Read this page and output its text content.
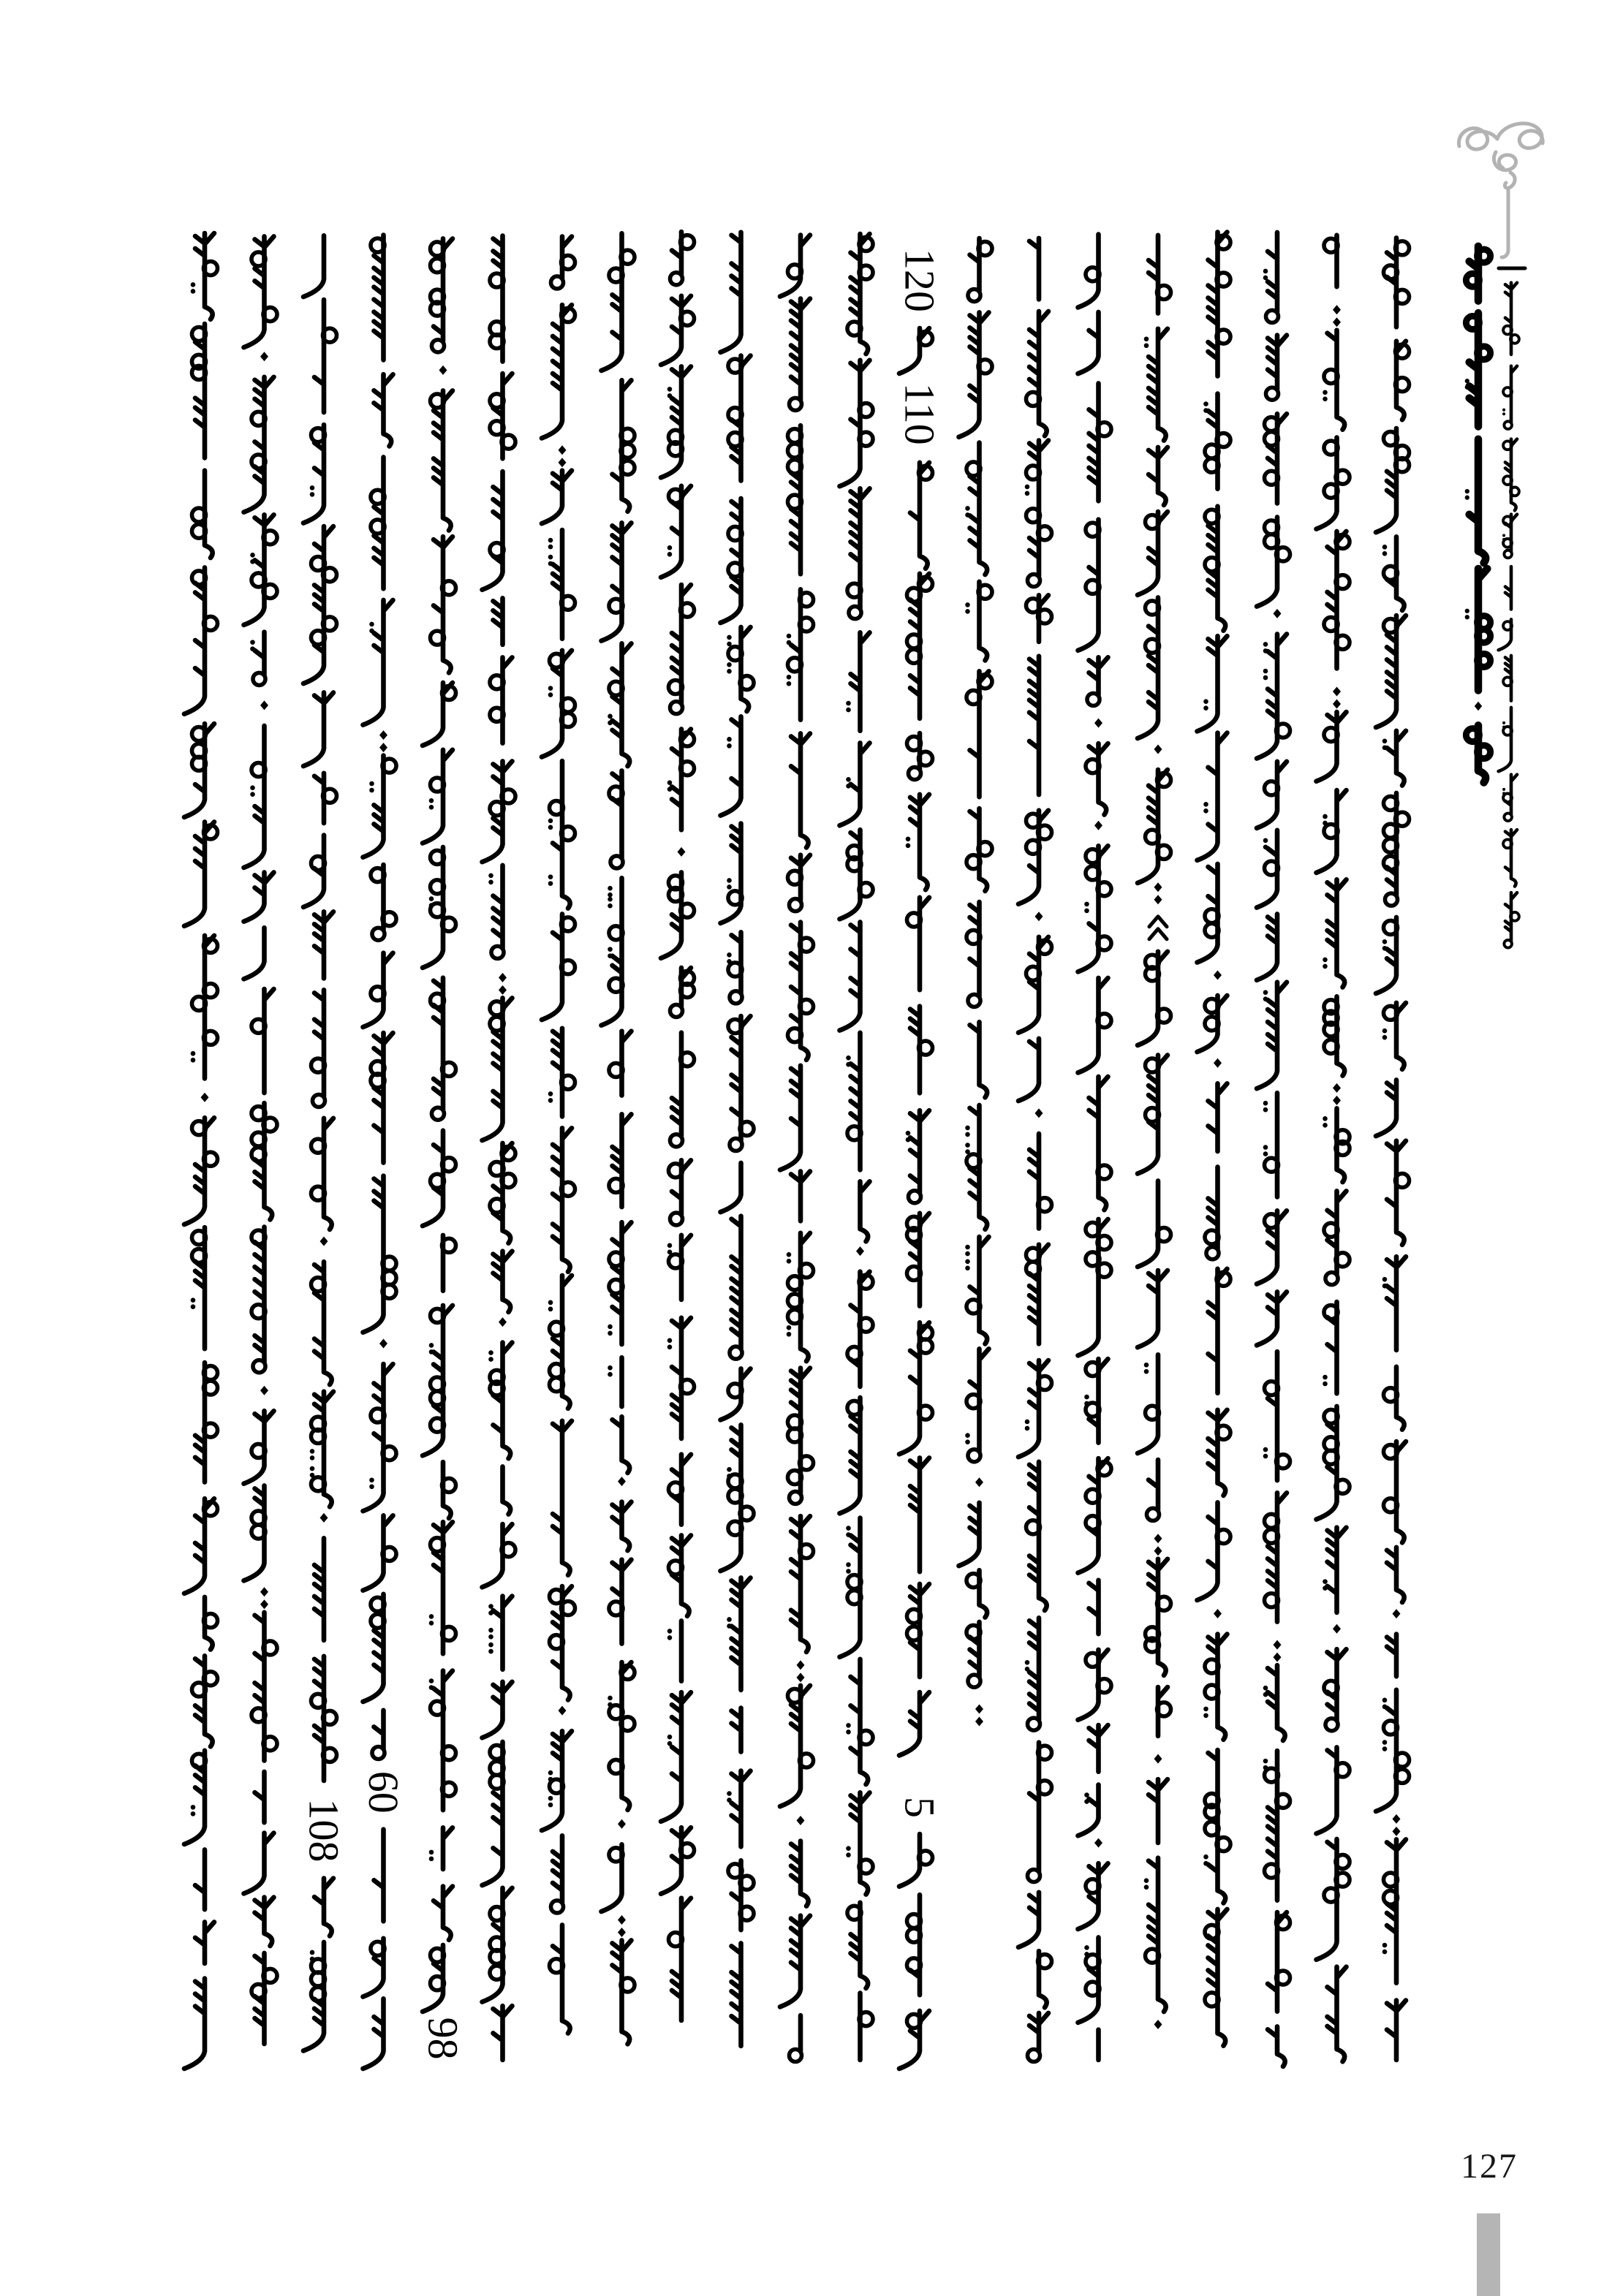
108
60
98
120
110
5
127
